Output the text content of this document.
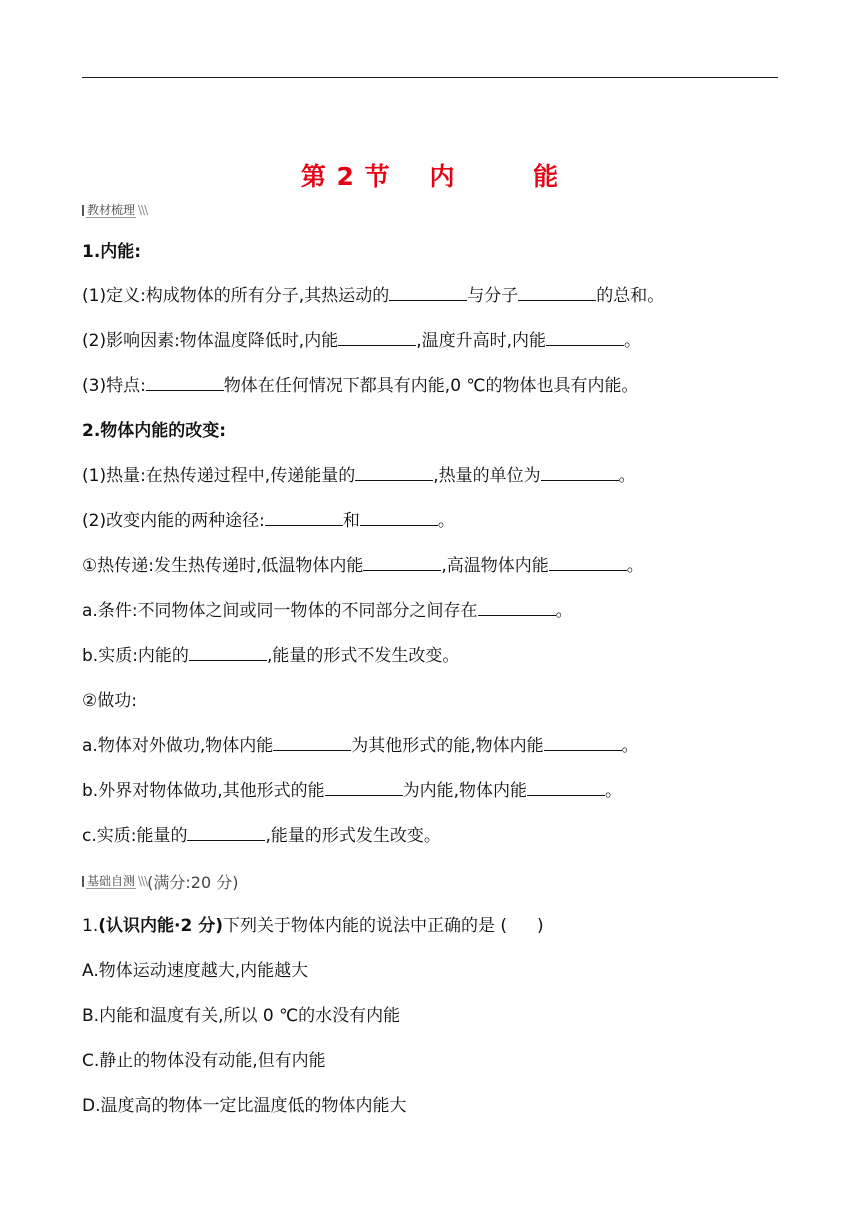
第 2 节 内	能
教材梳理 \\\
1.内能:
(1)定义:构成物体的所有分子,其热运动的	与分子	的总和。
(2)影响因素:物体温度降低时,内能	,温度升高时,内能	。
(3)特点:	物体在任何情况下都具有内能,0 ℃的物体也具有内能。
2.物体内能的改变:
(1)热量:在热传递过程中,传递能量的	,热量的单位为	。
(2)改变内能的两种途径:	和	。
①热传递:发生热传递时,低温物体内能	,高温物体内能	。
a.条件:不同物体之间或同一物体的不同部分之间存在	。
b.实质:内能的	,能量的形式不发生改变。
②做功:
a.物体对外做功,物体内能	为其他形式的能,物体内能	。
b.外界对物体做功,其他形式的能	为内能,物体内能	。
c.实质:能量的	,能量的形式发生改变。
基础自测 \\\ (满分:20 分)
1.(认识内能·2 分)下列关于物体内能的说法中正确的是 ( )
A.物体运动速度越大,内能越大
B.内能和温度有关,所以 0 ℃的水没有内能
C.静止的物体没有动能,但有内能
D.温度高的物体一定比温度低的物体内能大
